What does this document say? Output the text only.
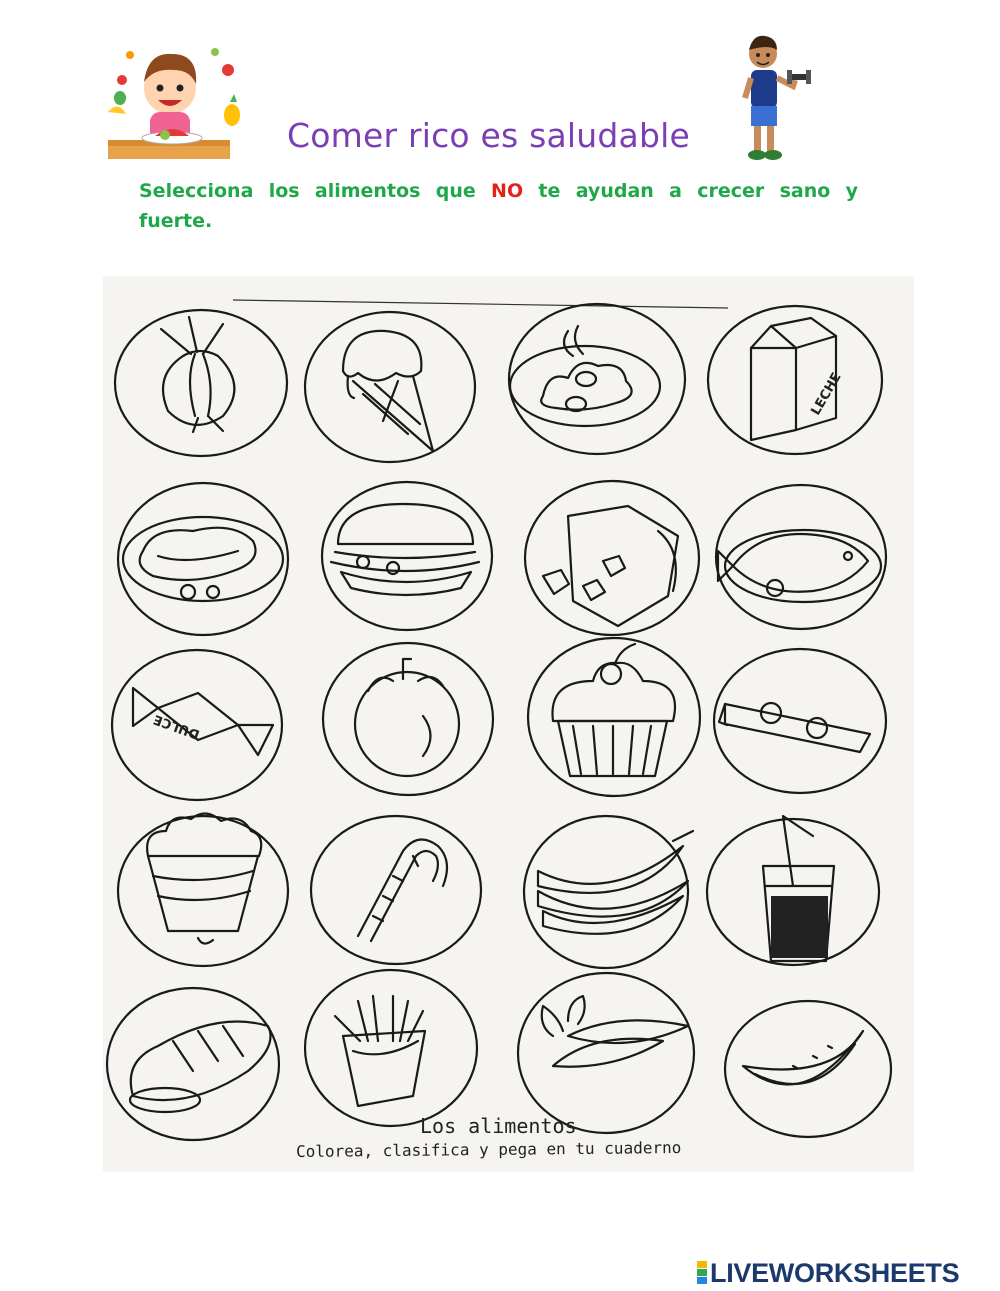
Comer rico es saludable
Selecciona los alimentos que NO te ayudan a crecer sano y fuerte.
LECHE
DULCE
Los alimentos
Colorea, clasifica y pega en tu cuaderno
LIVEWORKSHEETS
